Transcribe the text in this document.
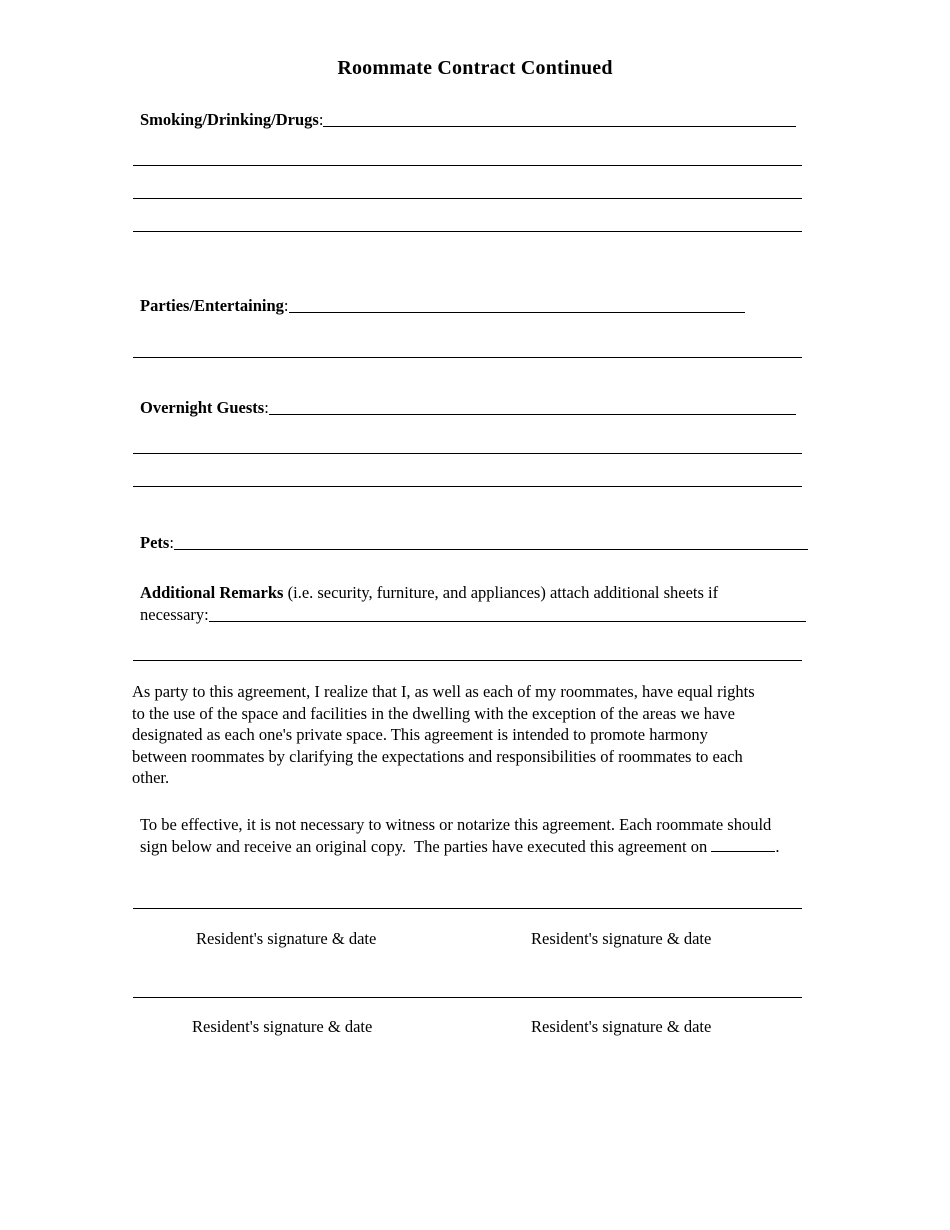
Roommate Contract Continued
Smoking/Drinking/Drugs :
Parties/Entertaining :
Overnight Guests :
Pets :
Additional Remarks (i.e. security, furniture, and appliances) attach additional sheets if
necessary:
As party to this agreement, I realize that I, as well as each of my roommates, have equal rights
to the use of the space and facilities in the dwelling with the exception of the areas we have
designated as each one's private space. This agreement is intended to promote harmony
between roommates by clarifying the expectations and responsibilities of roommates to each
other.
To be effective, it is not necessary to witness or notarize this agreement. Each roommate should
sign below and receive an original copy.  The parties have executed this agreement on	.
Resident's signature & date	Resident's signature & date
Resident's signature & date	Resident's signature & date
